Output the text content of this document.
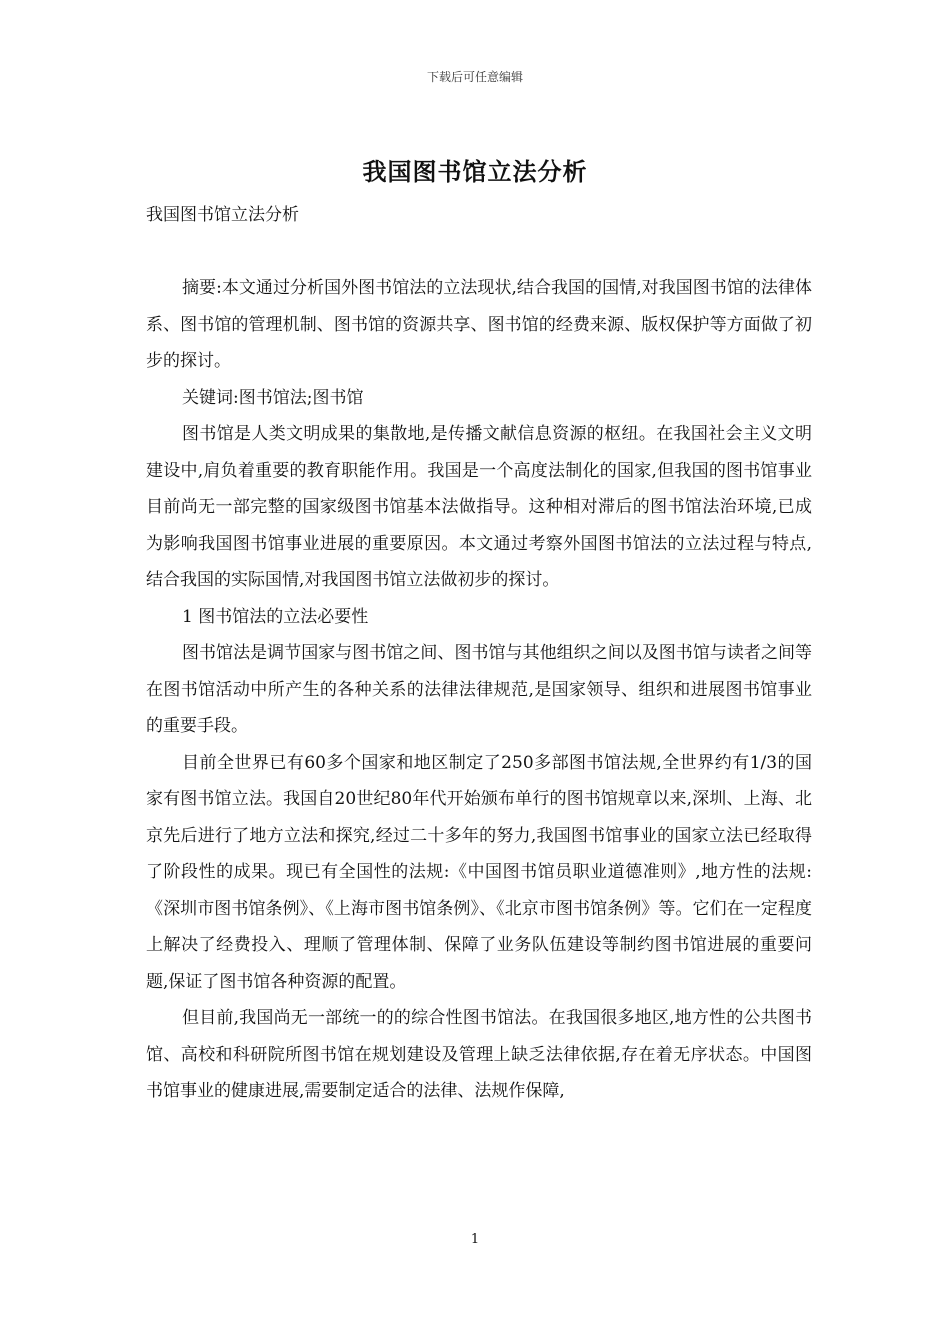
下载后可任意编辑
我国图书馆立法分析
我国图书馆立法分析

摘要:本文通过分析国外图书馆法的立法现状,结合我国的国情,对我国图书馆的法律体系、图书馆的管理机制、图书馆的资源共享、图书馆的经费来源、版权保护等方面做了初步的探讨。

关键词:图书馆法;图书馆

图书馆是人类文明成果的集散地,是传播文献信息资源的枢纽。在我国社会主义文明建设中,肩负着重要的教育职能作用。我国是一个高度法制化的国家,但我国的图书馆事业目前尚无一部完整的国家级图书馆基本法做指导。这种相对滞后的图书馆法治环境,已成为影响我国图书馆事业进展的重要原因。本文通过考察外国图书馆法的立法过程与特点,结合我国的实际国情,对我国图书馆立法做初步的探讨。

1 图书馆法的立法必要性

图书馆法是调节国家与图书馆之间、图书馆与其他组织之间以及图书馆与读者之间等在图书馆活动中所产生的各种关系的法律法律规范,是国家领导、组织和进展图书馆事业的重要手段。

目前全世界已有60多个国家和地区制定了250多部图书馆法规,全世界约有1/3的国家有图书馆立法。我国自20世纪80年代开始颁布单行的图书馆规章以来,深圳、上海、北京先后进行了地方立法和探究,经过二十多年的努力,我国图书馆事业的国家立法已经取得了阶段性的成果。现已有全国性的法规:《中国图书馆员职业道德准则》,地方性的法规:《深圳市图书馆条例》、《上海市图书馆条例》、《北京市图书馆条例》等。它们在一定程度上解决了经费投入、理顺了管理体制、保障了业务队伍建设等制约图书馆进展的重要问题,保证了图书馆各种资源的配置。

但目前,我国尚无一部统一的的综合性图书馆法。在我国很多地区,地方性的公共图书馆、高校和科研院所图书馆在规划建设及管理上缺乏法律依据,存在着无序状态。中国图书馆事业的健康进展,需要制定适合的法律、法规作保障,

1
